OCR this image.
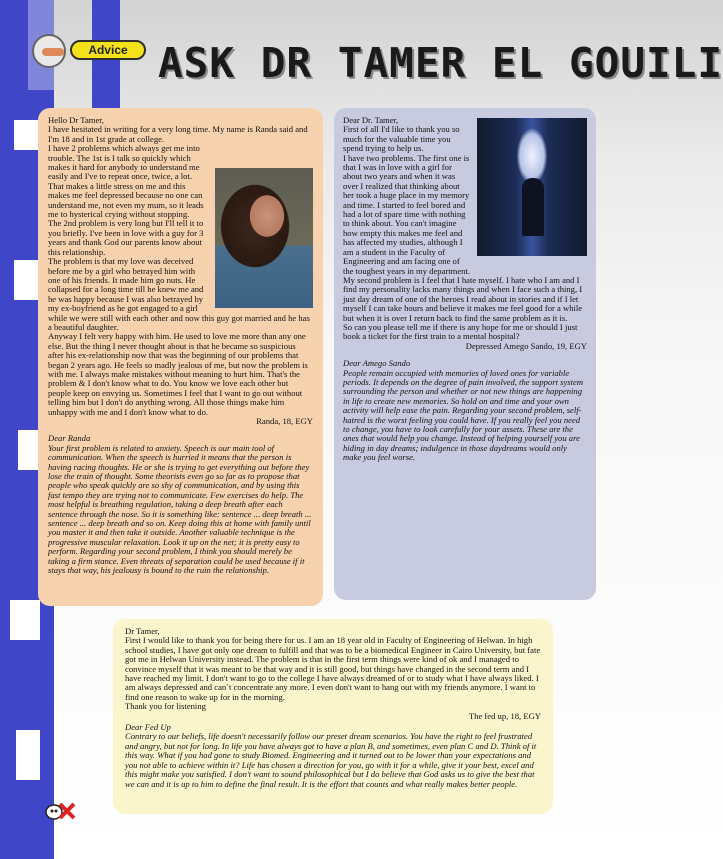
Advice ASK DR TAMER EL GOUILI

Hello Dr Tamer,

I have hesitated in writing for a very long time. My name is Randa said and I'm 18 and in 1st grade at college.

I have 2 problems which always get me into trouble. The 1st is I talk so quickly which makes it hard for anybody to understand me easily and I've to repeat once, twice, a lot. That makes a little stress on me and this makes me feel depressed because no one can understand me, not even my mum, so it leads me to hysterical crying without stopping.

The 2nd problem is very long but I'll tell it to you briefly. I've been in love with a guy for 3 years and thank God our parents know about this relationship.

The problem is that my love was deceived before me by a girl who betrayed him with one of his friends. It made him go nuts. He collapsed for a long time till he knew me and he was happy because I was also betrayed by my ex-boyfriend as he got engaged to a girl while we were still with each other and now this guy got married and he has a beautiful daughter.

Anyway I felt very happy with him. He used to love me more than any one else. But the thing I never thought about is that he became so suspicious after his ex-relationship now that was the beginning of our problems that began 2 years ago. He feels so madly jealous of me, but now the problem is with me. I always make mistakes without meaning to hurt him. That's the problem & I don't know what to do. You know we love each other but people keep on envying us. Sometimes I feel that I want to go out without telling him but I don't do anything wrong. All those things make him unhappy with me and I don't know what to do.

Randa, 18, EGY

Dear Randa

Your first problem is related to anxiety. Speech is our main tool of communication. When the speech is hurried it means that the person is having racing thoughts. He or she is trying to get everything out before they lose the train of thought. Some theorists even go so far as to propose that people who speak quickly are so shy of communication, and by using this fast tempo they are trying not to communicate. Few exercises do help. The most helpful is breathing regulation, taking a deep breath after each sentence through the nose. So it is something like: sentence ... deep breath ... sentence ... deep breath and so on. Keep doing this at home with family until you master it and then take it outside. Another valuable technique is the progressive muscular relaxation. Look it up on the net; it is pretty easy to perform. Regarding your second problem, I think you should merely be taking a firm stance. Even threats of separation could be used because if it stays that way, his jealousy is bound to the ruin the relationship.

Dear Dr. Tamer,

First of all I'd like to thank you so much for the valuable time you spend trying to help us.

I have two problems. The first one is that I was in love with a girl for about two years and when it was over I realized that thinking about her took a huge place in my memory and time. I started to feel bored and had a lot of spare time with nothing to think about. You can't imagine how empty this makes me feel and has affected my studies, although I am a student in the Faculty of Engineering and am facing one of the toughest years in my department.

My second problem is I feel that I hate myself. I hate who I am and I find my personality lacks many things and when I face such a thing, I just day dream of one of the heroes I read about in stories and if I let myself I can take hours and believe it makes me feel good for a while but when it is over I return back to find the same problem as it is.

So can you please tell me if there is any hope for me or should I just book a ticket for the first train to a mental hospital?

Depressed Amego Sando, 19, EGY

Dear Amego Sando

People remain occupied with memories of loved ones for variable periods. It depends on the degree of pain involved, the support system surrounding the person and whether or not new things are happening in life to create new memories. So hold on and time and your own activity will help ease the pain. Regarding your second problem, self-hatred is the worst feeling you could have. If you really feel you need to change, you have to look carefully for your assets. These are the ones that would help you change. Instead of helping yourself you are hiding in day dreams; indulgence in those daydreams would only make you feel worse.

Dr Tamer,

First I would like to thank you for being there for us. I am an 18 year old in Faculty of Engineering of Helwan. In high school studies, I have got only one dream to fulfill and that was to be a biomedical Engineer in Cairo University, but fate got me in Helwan University instead. The problem is that in the first term things were kind of ok and I managed to convince myself that it was meant to be that way and it is still good, but things have changed in the second term and I have reached my limit. I don't want to go to the college I have always dreamed of or to study what I have always liked. I am always depressed and can`t concentrate any more. I even don't want to hang out with my friends anymore. I want to find one reason to wake up for in the morning.

Thank you for listening

The fed up, 18, EGY

Dear Fed Up

Contrary to our beliefs, life doesn't necessarily follow our preset dream scenarios. You have the right to feel frustrated and angry, but not for long. In life you have always got to have a plan B, and sometimes, even plan C and D. Think of it this way. What if you had gone to study Biomed. Engineering and it turned out to be lower than your expectations and you not able to achieve within it? Life has chosen a direction for you, go with it for a while, give it your best, excel and this might make you satisfied. I don't want to sound philosophical but I do believe that God asks us to give the best that we can and it is up to him to define the final result. It is the effort that counts and what really makes better people.
